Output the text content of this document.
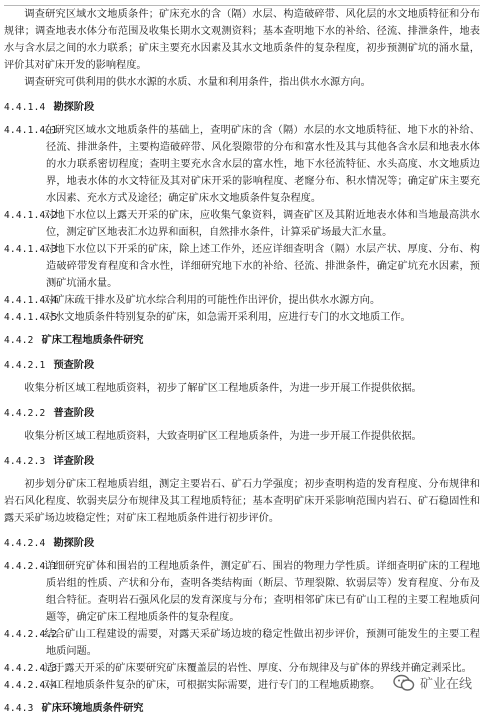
调查研究区域水文地质条件；矿床充水的含（隔）水层、构造破碎带、风化层的水文地质特征和分布规律；调查地表水体分布范围及收集长期水文观测资料；基本查明地下水的补给、径流、排泄条件，地表水与含水层之间的水力联系；矿床主要充水因素及其水文地质条件的复杂程度，初步预测矿坑的涌水量，评价其对矿床开发的影响程度。

调查研究可供利用的供水水源的水质、水量和利用条件，指出供水水源方向。

4.4.1.4 勘探阶段

4.4.1.4.1在研究区域水文地质条件的基础上，查明矿床的含（隔）水层的水文地质特征、地下水的补给、径流、排泄条件，主要构造破碎带、风化裂隙带的分布和富水性及其与其他各含水层和地表水体的水力联系密切程度；查明主要充水含水层的富水性，地下水径流特征、水头高度、水文地质边界，地表水体的水文特征及其对矿床开采的影响程度、老窿分布、积水情况等；确定矿床主要充水因素、充水方式及途径；确定矿床水文地质条件复杂程度。

4.4.1.4.2对地下水位以上露天开采的矿床，应收集气象资料，调查矿区及其附近地表水体和当地最高洪水位，测定矿区地表汇水边界和面积，自然排水条件，计算采矿场最大汇水量。

4.4.1.4.3对地下水位以下开采的矿床，除上述工作外，还应详细查明含（隔）水层产状、厚度、分布、构造破碎带发育程度和含水性，详细研究地下水的补给、径流、排泄条件，确定矿坑充水因素，预测矿坑涌水量。

4.4.1.4.4对矿床疏干排水及矿坑水综合利用的可能性作出评价，提出供水水源方向。

4.4.1.4.5对水文地质条件特别复杂的矿床，如急需开采利用，应进行专门的水文地质工作。

4.4.2 矿床工程地质条件研究
4.4.2.1 预查阶段

收集分析区域工程地质资料，初步了解矿区工程地质条件，为进一步开展工作提供依据。

4.4.2.2 普查阶段

收集分析区域工程地质资料，大致查明矿区工程地质条件，为进一步开展工作提供依据。

4.4.2.3 详查阶段

初步划分矿床工程地质岩组，测定主要岩石、矿石力学强度；初步查明构造的发育程度、分布规律和岩石风化程度、软弱夹层分布规律及其工程地质特征；基本查明矿床开采影响范围内岩石、矿石稳固性和露天采矿场边坡稳定性；对矿床工程地质条件进行初步评价。

4.4.2.4 勘探阶段

4.4.2.4.1详细研究矿体和围岩的工程地质条件，测定矿石、围岩的物理力学性质。详细查明矿床的工程地质岩组的性质、产状和分布，查明各类结构面（断层、节理裂隙、软弱层等）发育程度、分布及组合特征。查明岩石强风化层的发育深度与分布；查明相邻矿床已有矿山工程的主要工程地质问题等，确定矿床工程地质条件的复杂程度。

4.4.2.4.2结合矿山工程建设的需要，对露天采矿场边坡的稳定性做出初步评价，预测可能发生的主要工程地质问题。

4.4.2.4.3适于露天开采的矿床要研究矿床覆盖层的岩性、厚度、分布规律及与矿体的界线并确定剥采比。

4.4.2.4.4对工程地质条件复杂的矿床，可根据实际需要，进行专门的工程地质勘察。

4.4.3 矿床环境地质条件研究
矿业在线
